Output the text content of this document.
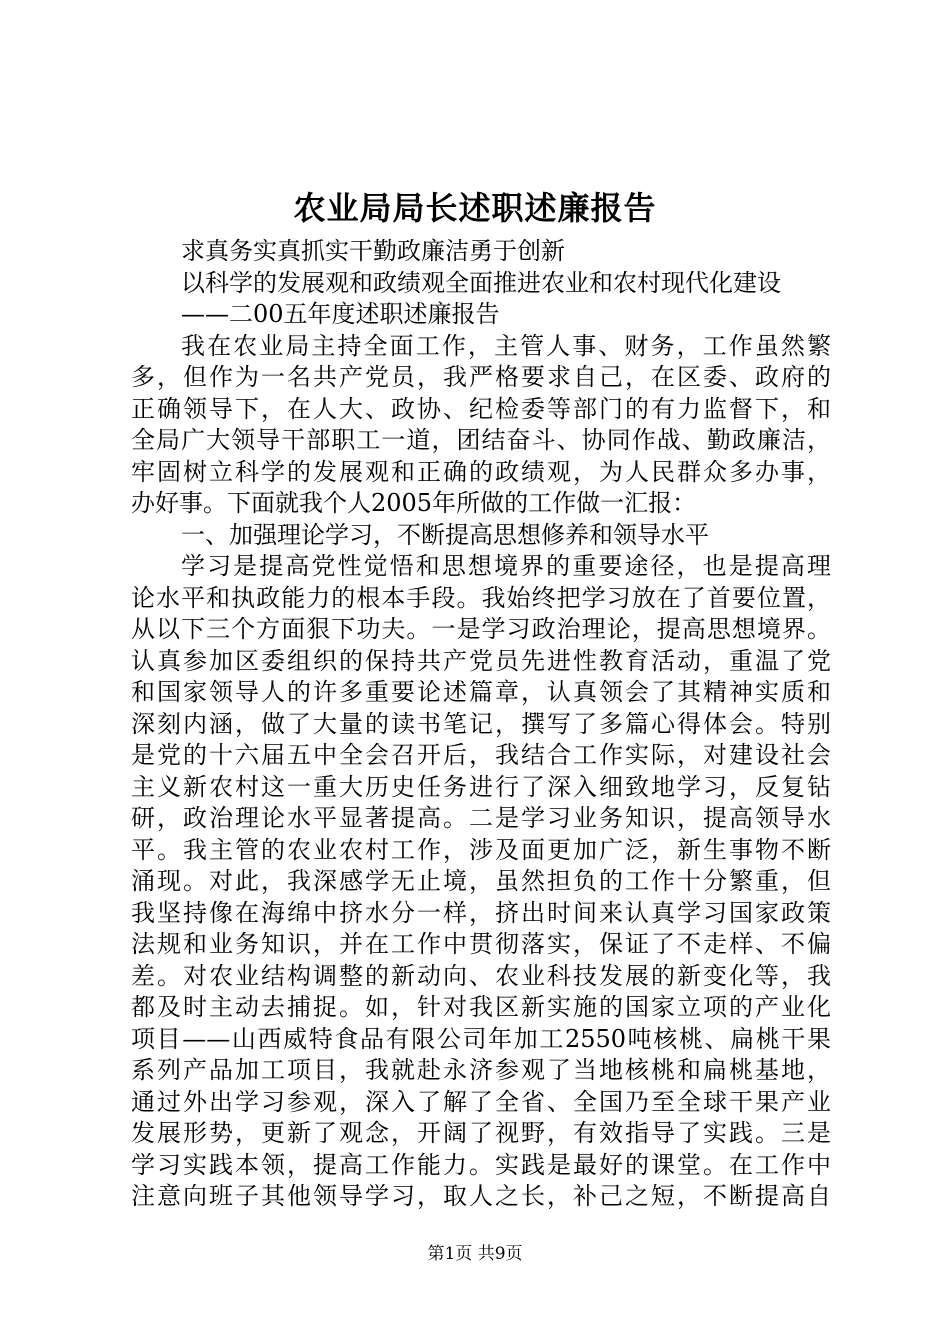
农业局局长述职述廉报告
求真务实真抓实干勤政廉洁勇于创新
以科学的发展观和政绩观全面推进农业和农村现代化建设
——二00五年度述职述廉报告
我在农业局主持全面工作，主管人事、财务，工作虽然繁
多，但作为一名共产党员，我严格要求自己，在区委、政府的
正确领导下，在人大、政协、纪检委等部门的有力监督下，和
全局广大领导干部职工一道，团结奋斗、协同作战、勤政廉洁，
牢固树立科学的发展观和正确的政绩观，为人民群众多办事，
办好事。下面就我个人2005年所做的工作做一汇报：
一、加强理论学习，不断提高思想修养和领导水平
学习是提高党性觉悟和思想境界的重要途径，也是提高理
论水平和执政能力的根本手段。我始终把学习放在了首要位置，
从以下三个方面狠下功夫。一是学习政治理论，提高思想境界。
认真参加区委组织的保持共产党员先进性教育活动，重温了党
和国家领导人的许多重要论述篇章，认真领会了其精神实质和
深刻内涵，做了大量的读书笔记，撰写了多篇心得体会。特别
是党的十六届五中全会召开后，我结合工作实际，对建设社会
主义新农村这一重大历史任务进行了深入细致地学习，反复钻
研，政治理论水平显著提高。二是学习业务知识，提高领导水
平。我主管的农业农村工作，涉及面更加广泛，新生事物不断
涌现。对此，我深感学无止境，虽然担负的工作十分繁重，但
我坚持像在海绵中挤水分一样，挤出时间来认真学习国家政策
法规和业务知识，并在工作中贯彻落实，保证了不走样、不偏
差。对农业结构调整的新动向、农业科技发展的新变化等，我
都及时主动去捕捉。如，针对我区新实施的国家立项的产业化
项目——山西威特食品有限公司年加工2550吨核桃、扁桃干果
系列产品加工项目，我就赴永济参观了当地核桃和扁桃基地，
通过外出学习参观，深入了解了全省、全国乃至全球干果产业
发展形势，更新了观念，开阔了视野，有效指导了实践。三是
学习实践本领，提高工作能力。实践是最好的课堂。在工作中
注意向班子其他领导学习，取人之长，补己之短，不断提高自
第1页 共9页
